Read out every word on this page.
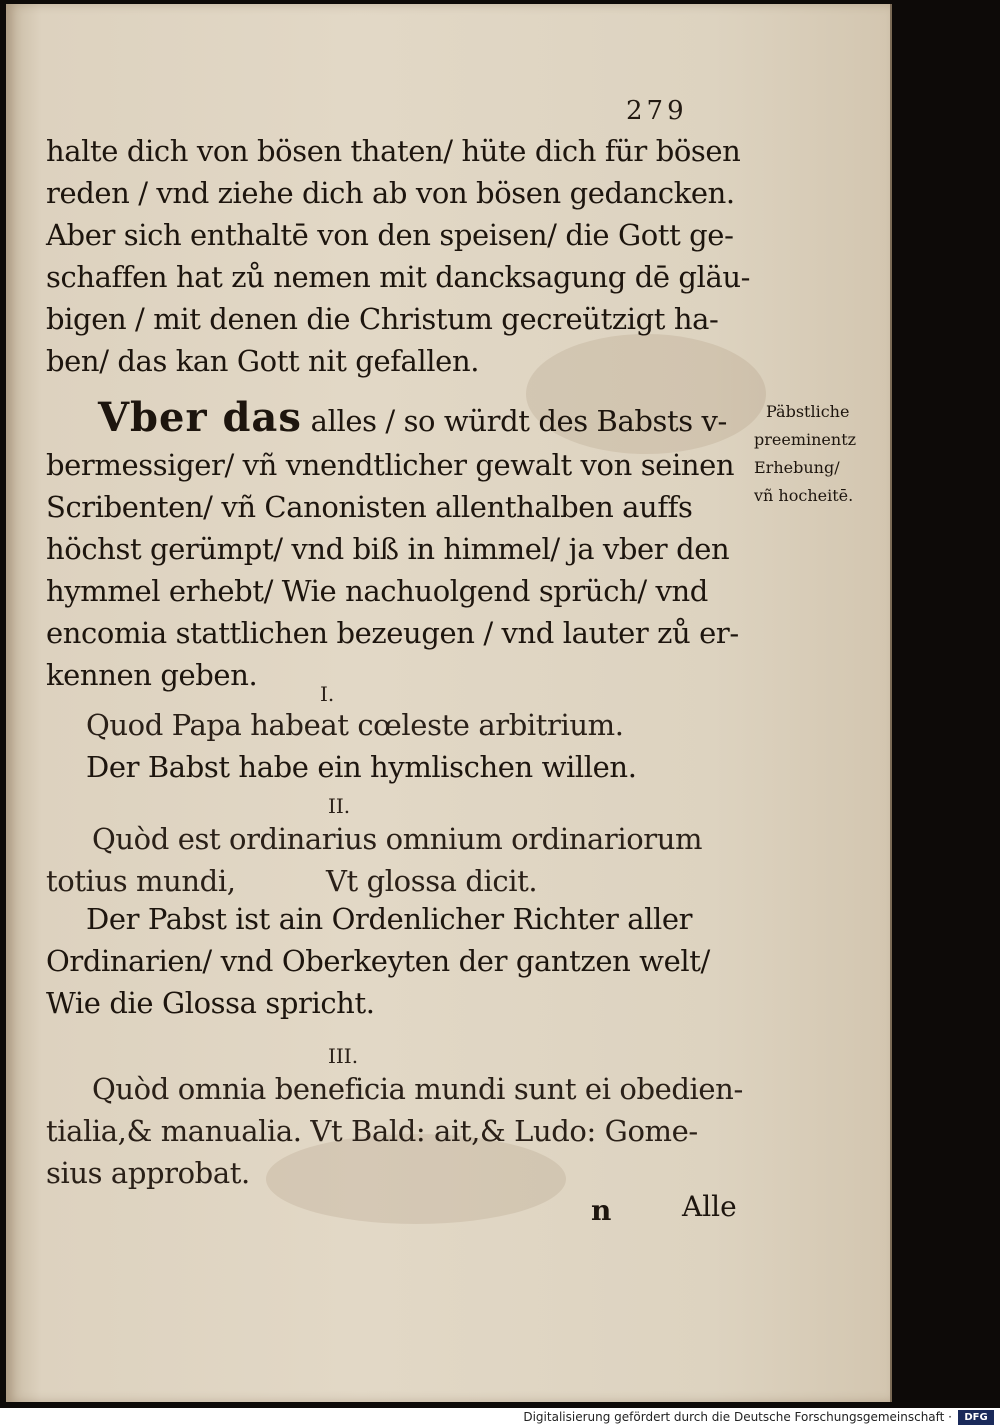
279
halte dich von bösen thaten/ hüte dich für bösen
reden / vnd ziehe dich ab von bösen gedancken.
Aber sich enthaltē von den speisen/ die Gott ge-
schaffen hat zů nemen mit dancksagung dē gläu-
bigen / mit denen die Christum gecreützigt ha-
ben/ das kan Gott nit gefallen.
Vber das alles / so würdt des Babsts v-
bermessiger/ vñ vnendtlicher gewalt von seinen
Scribenten/ vñ Canonisten allenthalben auffs
höchst gerümpt/ vnd biß in himmel/ ja vber den
hymmel erhebt/ Wie nachuolgend sprüch/ vnd
encomia stattlichen bezeugen / vnd lauter zů er-
kennen geben.
Päbstliche
preeminentz
Erhebung/
vñ hocheitē.
I.
Quod Papa habeat cœleste arbitrium.
Der Babst habe ein hymlischen willen.
II.
Quòd est ordinarius omnium ordinariorum
totius mundi,	Vt glossa dicit.
Der Pabst ist ain Ordenlicher Richter aller
Ordinarien/ vnd Oberkeyten der gantzen welt/
Wie die Glossa spricht.
III.
Quòd omnia beneficia mundi sunt ei obedien-
tialia,& manualia. Vt Bald: ait,& Ludo: Gome-
sius approbat.
n	Alle
Digitalisierung gefördert durch die Deutsche Forschungsgemeinschaft ·	DFG
